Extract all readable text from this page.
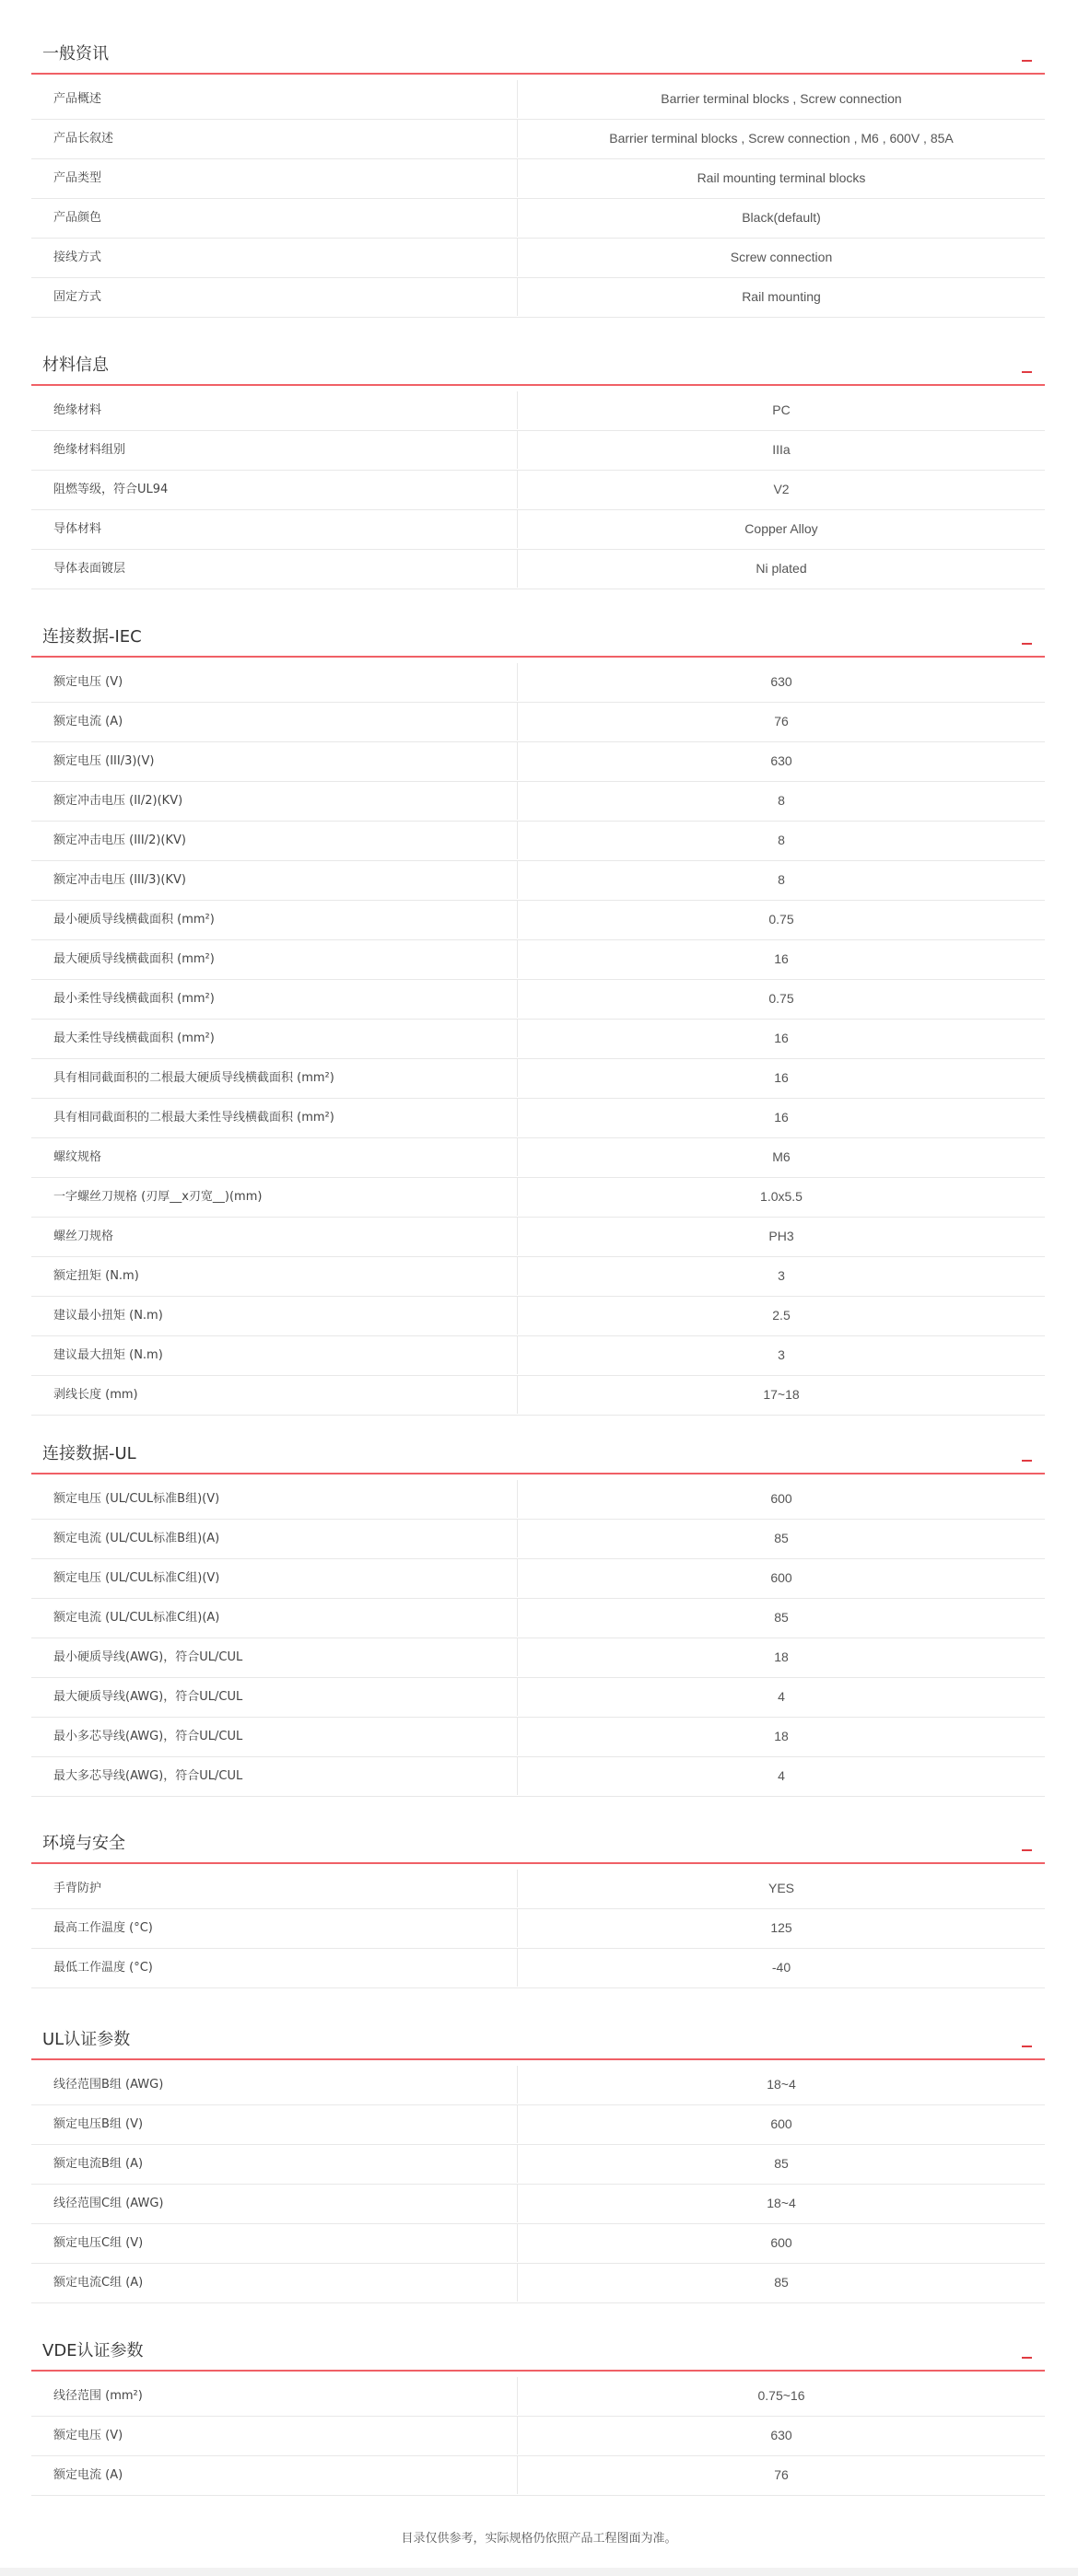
一般资讯
产品概述	Barrier terminal blocks , Screw connection
产品长叙述	Barrier terminal blocks , Screw connection , M6 , 600V , 85A
产品类型	Rail mounting terminal blocks
产品颜色	Black(default)
接线方式	Screw connection
固定方式	Rail mounting
材料信息
绝缘材料	PC
绝缘材料组别	IIIa
阻燃等级，符合UL94	V2
导体材料	Copper Alloy
导体表面镀层	Ni plated
连接数据-IEC
额定电压 (V)	630
额定电流 (A)	76
额定电压 (III/3)(V)	630
额定冲击电压 (II/2)(KV)	8
额定冲击电压 (III/2)(KV)	8
额定冲击电压 (III/3)(KV)	8
最小硬质导线横截面积 (mm²)	0.75
最大硬质导线横截面积 (mm²)	16
最小柔性导线横截面积 (mm²)	0.75
最大柔性导线横截面积 (mm²)	16
具有相同截面积的二根最大硬质导线横截面积 (mm²)	16
具有相同截面积的二根最大柔性导线横截面积 (mm²)	16
螺纹规格	M6
一字螺丝刀规格 (刃厚__x刃宽__)(mm)	1.0x5.5
螺丝刀规格	PH3
额定扭矩 (N.m)	3
建议最小扭矩 (N.m)	2.5
建议最大扭矩 (N.m)	3
剥线长度 (mm)	17~18
连接数据-UL
额定电压 (UL/CUL标准B组)(V)	600
额定电流 (UL/CUL标准B组)(A)	85
额定电压 (UL/CUL标准C组)(V)	600
额定电流 (UL/CUL标准C组)(A)	85
最小硬质导线(AWG)，符合UL/CUL	18
最大硬质导线(AWG)，符合UL/CUL	4
最小多芯导线(AWG)，符合UL/CUL	18
最大多芯导线(AWG)，符合UL/CUL	4
环境与安全
手背防护	YES
最高工作温度 (°C)	125
最低工作温度 (°C)	-40
UL认证参数
线径范围B组 (AWG)	18~4
额定电压B组 (V)	600
额定电流B组 (A)	85
线径范围C组 (AWG)	18~4
额定电压C组 (V)	600
额定电流C组 (A)	85
VDE认证参数
线径范围 (mm²)	0.75~16
额定电压 (V)	630
额定电流 (A)	76
目录仅供参考，实际规格仍依照产品工程图面为准。
